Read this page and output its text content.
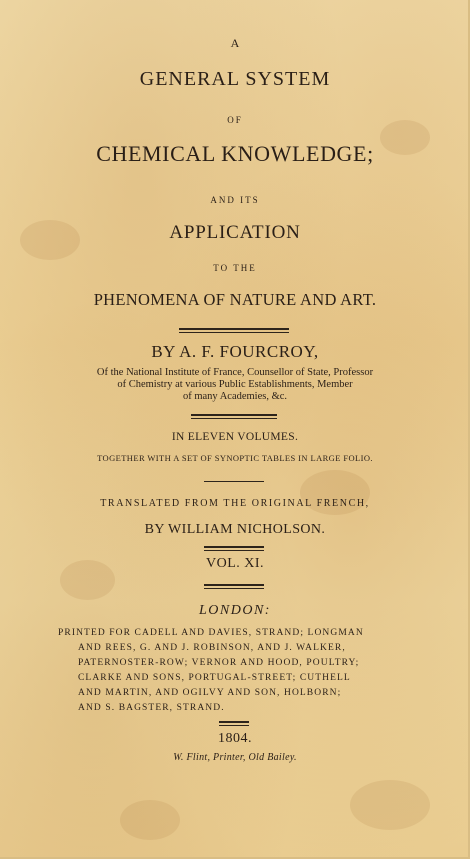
A

GENERAL SYSTEM

OF

CHEMICAL KNOWLEDGE;

AND ITS

APPLICATION

TO THE

PHENOMENA OF NATURE AND ART.

BY A. F. FOURCROY,

Of the National Institute of France, Counsellor of State, Professor

of Chemistry at various Public Establishments, Member

of many Academies, &c.

IN ELEVEN VOLUMES.

TOGETHER WITH A SET OF SYNOPTIC TABLES IN LARGE FOLIO.

TRANSLATED FROM THE ORIGINAL FRENCH,

BY WILLIAM NICHOLSON.

VOL. XI.

LONDON:

PRINTED FOR CADELL AND DAVIES, STRAND; LONGMAN

AND REES, G. AND J. ROBINSON, AND J. WALKER,

PATERNOSTER-ROW; VERNOR AND HOOD, POULTRY;

CLARKE AND SONS, PORTUGAL-STREET; CUTHELL

AND MARTIN, AND OGILVY AND SON, HOLBORN;

AND S. BAGSTER, STRAND.

1804.

W. Flint, Printer, Old Bailey.
